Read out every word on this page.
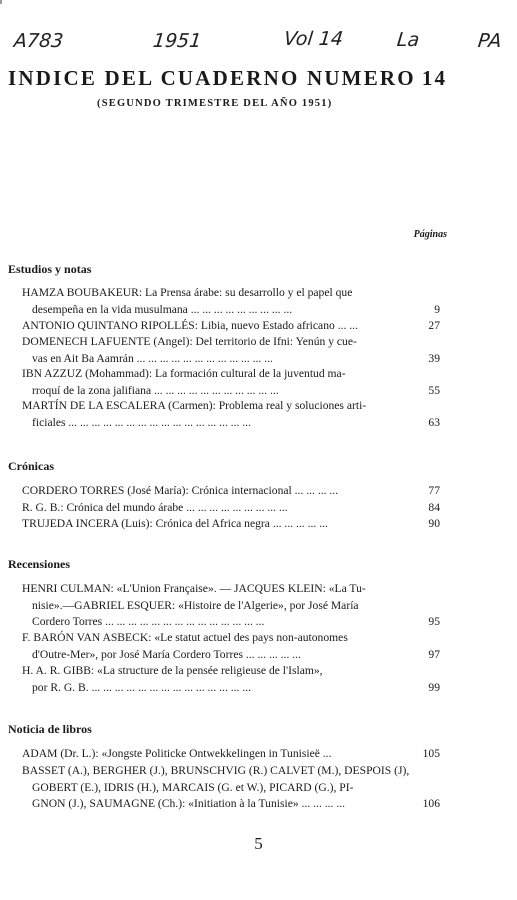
A783	1951	Vol 14	La	PA
INDICE DEL CUADERNO NUMERO 14
(SEGUNDO TRIMESTRE DEL AÑO 1951)
Páginas
Estudios y notas
HAMZA BOUBAKEUR: La Prensa árabe: su desarrollo y el papel que
desempeña en la vida musulmana ... ... ... ... ... ... ... ... ...	9
ANTONIO QUINTANO RIPOLLÉS: Libia, nuevo Estado africano ... ...	27
DOMENECH LAFUENTE (Angel): Del territorio de Ifni: Yenún y cue-
vas en Ait Ba Aamrán ... ... ... ... ... ... ... ... ... ... ... ...	39
IBN AZZUZ (Mohammad): La formación cultural de la juventud ma-
rroquí de la zona jalifiana ... ... ... ... ... ... ... ... ... ... ...	55
MARTÍN DE LA ESCALERA (Carmen): Problema real y soluciones arti-
ficiales ... ... ... ... ... ... ... ... ... ... ... ... ... ... ... ...	63
Crónicas
CORDERO TORRES (José María): Crónica internacional ... ... ... ...	77
R. G. B.: Crónica del mundo árabe ... ... ... ... ... ... ... ... ...	84
TRUJEDA INCERA (Luis): Crónica del Africa negra ... ... ... ... ...	90
Recensiones
HENRI CULMAN: «L'Union Française». — JACQUES KLEIN: «La Tu-
nisie».—GABRIEL ESQUER: «Histoire de l'Algerie», por José María
Cordero Torres ... ... ... ... ... ... ... ... ... ... ... ... ... ...	95
F. BARÓN VAN ASBECK: «Le statut actuel des pays non-autonomes
d'Outre-Mer», por José María Cordero Torres ... ... ... ... ...	97
H. A. R. GIBB: «La structure de la pensée religieuse de l'Islam»,
por R. G. B. ... ... ... ... ... ... ... ... ... ... ... ... ... ...	99
Noticia de libros
ADAM (Dr. L.): «Jongste Politicke Ontwekkelingen in Tunisieë ...	105
BASSET (A.), BERGHER (J.), BRUNSCHVIG (R.) CALVET (M.), DESPOIS (J),
GOBERT (E.), IDRIS (H.), MARCAIS (G. et W.), PICARD (G.), PI-
GNON (J.), SAUMAGNE (Ch.): «Initiation à la Tunisie» ... ... ... ...	106
5
